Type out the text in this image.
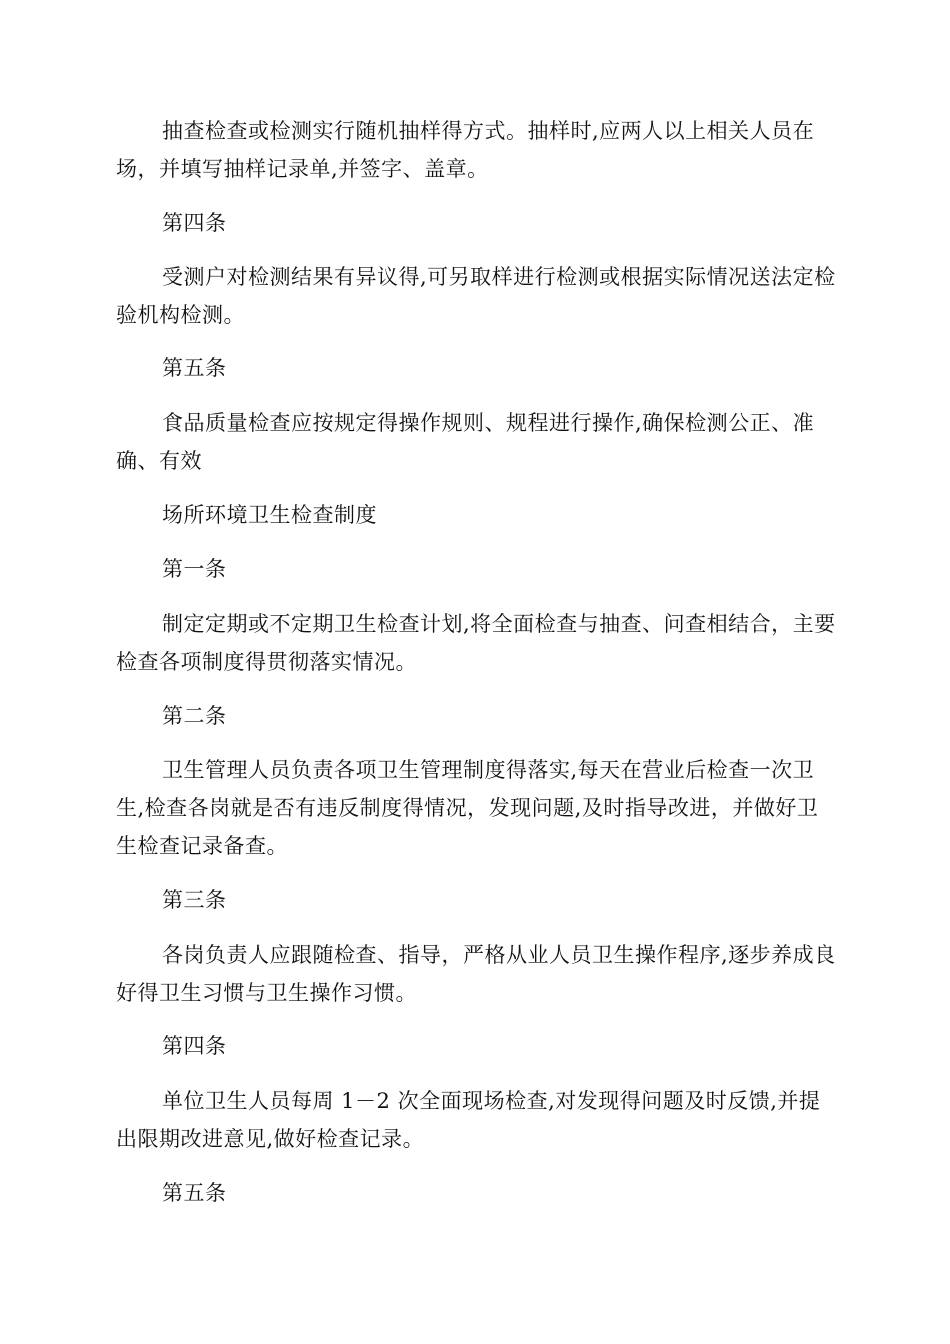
抽查检查或检测实行随机抽样得方式。抽样时,应两人以上相关人员在场，并填写抽样记录单,并签字、盖章。

第四条

受测户对检测结果有异议得,可另取样进行检测或根据实际情况送法定检验机构检测。

第五条

食品质量检查应按规定得操作规则、规程进行操作,确保检测公正、准确、有效

场所环境卫生检查制度

第一条

制定定期或不定期卫生检查计划,将全面检查与抽查、问查相结合，主要检查各项制度得贯彻落实情况。

第二条

卫生管理人员负责各项卫生管理制度得落实,每天在营业后检查一次卫生,检查各岗就是否有违反制度得情况，发现问题,及时指导改进，并做好卫生检查记录备查。

第三条

各岗负责人应跟随检查、指导，严格从业人员卫生操作程序,逐步养成良好得卫生习惯与卫生操作习惯。

第四条

单位卫生人员每周 1－2 次全面现场检查,对发现得问题及时反馈,并提出限期改进意见,做好检查记录。

第五条
